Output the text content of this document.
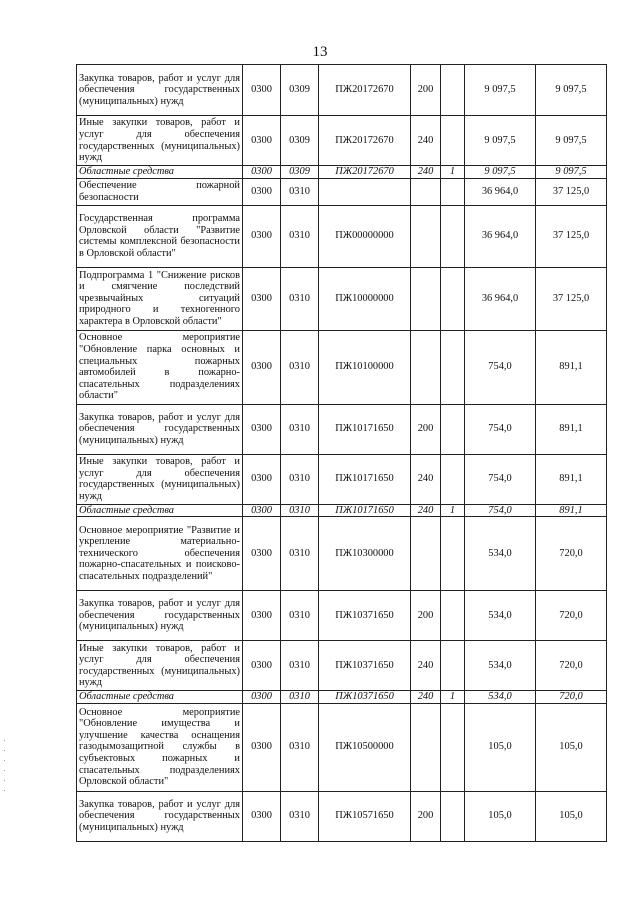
13
Закупка товаров, работ и услуг для обеспечения государственных (муниципальных) нужд	0300	0309	ПЖ20172670	200		9 097,5	9 097,5
Иные закупки товаров, работ и услуг для обеспечения государственных (муниципальных) нужд	0300	0309	ПЖ20172670	240		9 097,5	9 097,5
Областные средства	0300	0309	ПЖ20172670	240	1	9 097,5	9 097,5
Обеспечение пожарной безопасности	0300	0310				36 964,0	37 125,0
Государственная программа Орловской области "Развитие системы комплексной безопасности в Орловской области"	0300	0310	ПЖ00000000			36 964,0	37 125,0
Подпрограмма 1 "Снижение рисков и смягчение последствий чрезвычайных ситуаций природного и техногенного характера в Орловской области"	0300	0310	ПЖ10000000			36 964,0	37 125,0
Основное мероприятие "Обновление парка основных и специальных пожарных автомобилей в пожарно-спасательных подразделениях области"	0300	0310	ПЖ10100000			754,0	891,1
Закупка товаров, работ и услуг для обеспечения государственных (муниципальных) нужд	0300	0310	ПЖ10171650	200		754,0	891,1
Иные закупки товаров, работ и услуг для обеспечения государственных (муниципальных) нужд	0300	0310	ПЖ10171650	240		754,0	891,1
Областные средства	0300	0310	ПЖ10171650	240	1	754,0	891,1
Основное мероприятие "Развитие и укрепление материально-технического обеспечения пожарно-спасательных и поисково-спасательных подразделений"	0300	0310	ПЖ10300000			534,0	720,0
Закупка товаров, работ и услуг для обеспечения государственных (муниципальных) нужд	0300	0310	ПЖ10371650	200		534,0	720,0
Иные закупки товаров, работ и услуг для обеспечения государственных (муниципальных) нужд	0300	0310	ПЖ10371650	240		534,0	720,0
Областные средства	0300	0310	ПЖ10371650	240	1	534,0	720,0
Основное мероприятие "Обновление имущества и улучшение качества оснащения газодымозащитной службы в субъектовых пожарных и спасательных подразделениях Орловской области"	0300	0310	ПЖ10500000			105,0	105,0
Закупка товаров, работ и услуг для обеспечения государственных (муниципальных) нужд	0300	0310	ПЖ10571650	200		105,0	105,0
